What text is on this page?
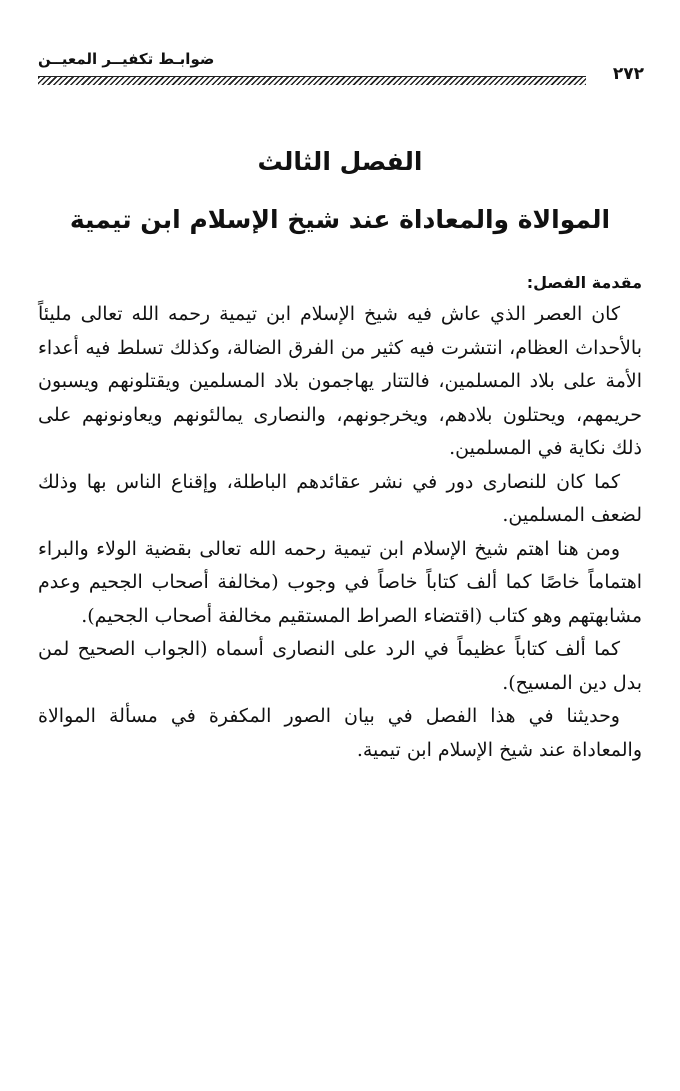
ضوابـط تكفيــر المعيــن
٢٧٢
الفصل الثالث
الموالاة والمعاداة عند شيخ الإسلام ابن تيمية
مقدمة الفصل:

كان العصر الذي عاش فيه شيخ الإسلام ابن تيمية رحمه الله تعالى مليئاً بالأحداث العظام، انتشرت فيه كثير من الفرق الضالة، وكذلك تسلط فيه أعداء الأمة على بلاد المسلمين، فالتتار يهاجمون بلاد المسلمين ويقتلونهم ويسبون حريمهم، ويحتلون بلادهم، ويخرجونهم، والنصارى يمالئونهم ويعاونونهم على ذلك نكاية في المسلمين.

كما كان للنصارى دور في نشر عقائدهم الباطلة، وإقناع الناس بها وذلك لضعف المسلمين.

ومن هنا اهتم شيخ الإسلام ابن تيمية رحمه الله تعالى بقضية الولاء والبراء اهتماماً خاصًا كما ألف كتاباً خاصاً في وجوب (مخالفة أصحاب الجحيم وعدم مشابهتهم وهو كتاب (اقتضاء الصراط المستقيم مخالفة أصحاب الجحيم).

كما ألف كتاباً عظيماً في الرد على النصارى أسماه (الجواب الصحيح لمن بدل دين المسيح).

وحديثنا في هذا الفصل في بيان الصور المكفرة في مسألة الموالاة والمعاداة عند شيخ الإسلام ابن تيمية.
